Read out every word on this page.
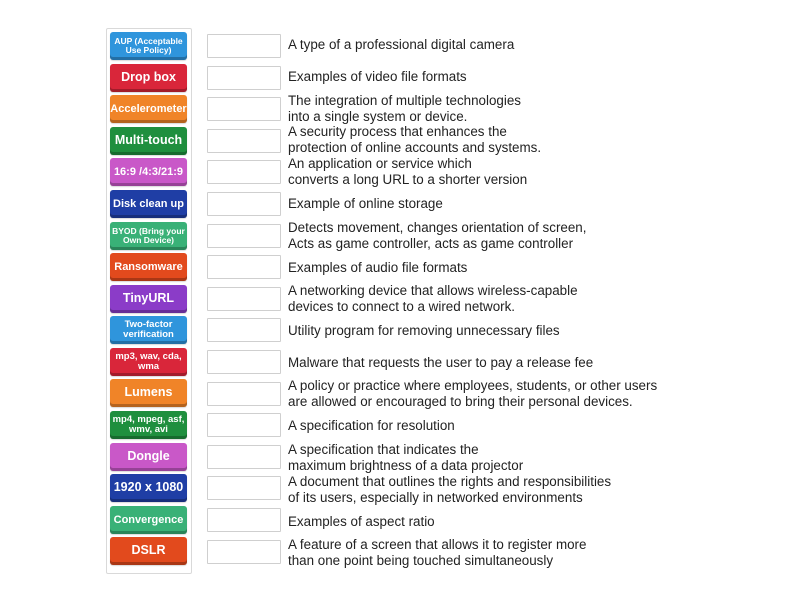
AUP (Acceptable Use Policy)
Drop box
Accelerometer
Multi-touch
16:9 /4:3/21:9
Disk clean up
BYOD (Bring your Own Device)
Ransomware
TinyURL
Two-factor verification
mp3, wav, cda, wma
Lumens
mp4, mpeg, asf, wmv, avi
Dongle
1920 x 1080
Convergence
DSLR
A type of a professional digital camera
Examples of video file formats
The integration of multiple technologies
into a single system or device.
A security process that enhances the
protection of online accounts and systems.
An application or service which
converts a long URL to a shorter version
Example of online storage
Detects movement, changes orientation of screen,
Acts as game controller, acts as game controller
Examples of audio file formats
A networking device that allows wireless-capable
devices to connect to a wired network.
Utility program for removing unnecessary files
Malware that requests the user to pay a release fee
A policy or practice where employees, students, or other users
are allowed or encouraged to bring their personal devices.
A specification for resolution
A specification that indicates the
maximum brightness of a data projector
A document that outlines the rights and responsibilities
of its users, especially in networked environments
Examples of aspect ratio
A feature of a screen that allows it to register more
than one point being touched simultaneously
